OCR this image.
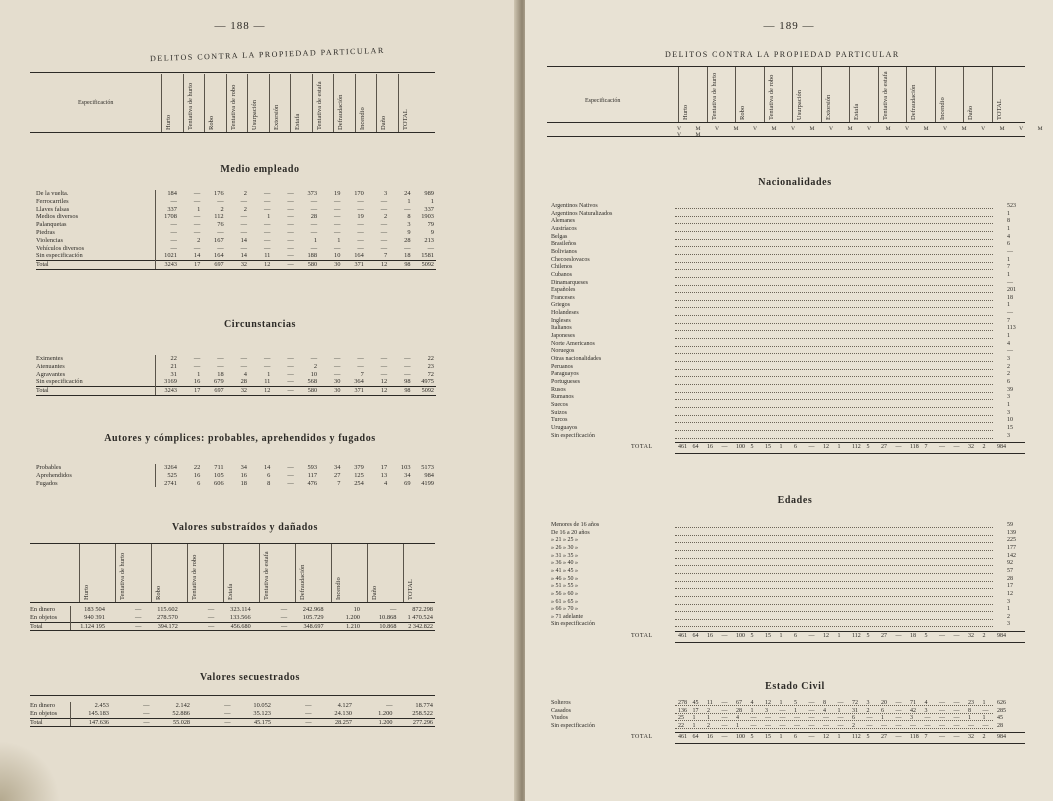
— 188 —
DELITOS CONTRA LA PROPIEDAD PARTICULAR
Especificación
Medio empleado
De la vuelta.	184	—	176	2	—	—	373	19	170	3	24	989
Ferrocarriles	—	—	—	—	—	—	—	—	—	—	1	1
Llaves falsas	337	1	2	2	—	—	—	—	—	—	—	337
Medios diversos	1708	—	112	—	1	—	28	—	19	2	8	1903
Palanquetas	—	—	76	—	—	—	—	—	—	—	3	79
Piedras	—	—	—	—	—	—	—	—	—	—	9	9
Violencias	—	2	167	14	—	—	1	1	—	—	28	213
Vehículos diversos	—	—	—	—	—	—	—	—	—	—	—	—
Sin especificación	1021	14	164	14	11	—	188	10	164	7	18	1581
Total	3243	17	697	32	12	—	580	30	371	12	98	5092
Circunstancias
Eximentes	22	—	—	—	—	—	—	—	—	—	—	22
Atenuantes	21	—	—	—	—	—	2	—	—	—	—	23
Agravantes	31	1	18	4	1	—	10	—	7	—	—	72
Sin especificación	3169	16	679	28	11	—	568	30	364	12	98	4975
Total	3243	17	697	32	12	—	580	30	371	12	98	5092
Autores y cómplices: probables, aprehendidos y fugados
Probables	3264	22	711	34	14	—	593	34	379	17	103	5173
Aprehendidos	525	16	105	16	6	—	117	27	125	13	34	984
Fugados	2741	6	606	18	8	—	476	7	254	4	69	4199
Valores substraídos y dañados
En dinero	183 504	—	115.602	—	323.114	—	242.968	10	—	872.298
En objetos	940 391	—	278.570	—	133.566	—	105.729	1.200	10.868	1 470.524
Total	1.124 195	—	394.172	—	456.680	—	348.697	1.210	10.868	2 342.822
Valores secuestrados
En dinero	2.453	—	2.142	—	10.052	—	4.127	—	18.774
En objetos	145.183	—	52.886	—	35.123	—	24.130	1.200	258.522
Total	147.636	—	55.028	—	45.175	—	28.257	1.200	277.296
Hurto Tentativa de hurto Robo Tentativa de robo Usurpación Extorsión Estafa Tentativa de estafa Defraudación Incendio Daño TOTAL
Hurto	Tentativa de hurto	Robo	Tentativa de robo	Estafa	Tentativa de estafa	Defraudación	Incendio	Daño	TOTAL
— 189 —
DELITOS CONTRA LA PROPIEDAD PARTICULAR
Especificación
V M V M V M V M V M V M V M V M V M V M V M
Nacionalidades
Edades
Estado Civil
Hurto	Tentativa de hurto	Robo	Tentativa de robo	Usurpación	Extorsión	Estafa	Tentativa de estafa	Defraudación	Incendio	Daño	TOTAL
Argentinos Nativos	523
Argentinos Naturalizados	1
Alemanes	8
Austríacos	1
Belgas	4
Brasileños	6
Bolivianos	—
Checoeslovacos	1
Chilenos	7
Cubanos	1
Dinamarqueses	—
Españoles	201
Franceses	18
Griegos	1
Holandeses	—
Ingleses	7
Italianos	113
Japoneses	1
Norte Americanos	4
Noruegos	—
Otras nacionalidades	3
Peruanos	2
Paraguayos	2
Portugueses	6
Rusos	39
Rumanos	3
Suecos	1
Suizos	3
Turcos	10
Uruguayos	15
Sin especificación	3
TOTAL	461 64 16 — 100 5 15 1 6 — 12 1 112 5 27 — 118 7 — — 32 2 984
Menores de 16 años	59
De 16 a 20 años	139
» 21 » 25 »	225
» 26 » 30 »	177
» 31 » 35 »	142
» 36 » 40 »	92
» 41 » 45 »	57
» 46 » 50 »	28
» 51 » 55 »	17
» 56 » 60 »	12
» 61 » 65 »	3
» 66 » 70 »	1
» 71 adelante	2
Sin especificación	3
TOTAL	461 64 16 — 100 5 15 1 6 — 12 1 112 5 27 — 18 5 — — 32 2 984
Solteros	278 45 11 — 67 4 12 1 5 — 8 — 72 3 20 — 71 4 — — 23 1 626
Casados	136 17 2 — 28 1 3 — 1 — 4 1 31 2 6 — 42 3 — — 8 — 285
Viudos	25 1 1 — 4 — — — — — — — 6 — 1 — 3 — — — 1 1 45
Sin especificación	22 1 2 — 1 — — — — — — — 2 — — — — — — — — — 28
TOTAL	461 64 16 — 100 5 15 1 6 — 12 1 112 5 27 — 118 7 — — 32 2 984
